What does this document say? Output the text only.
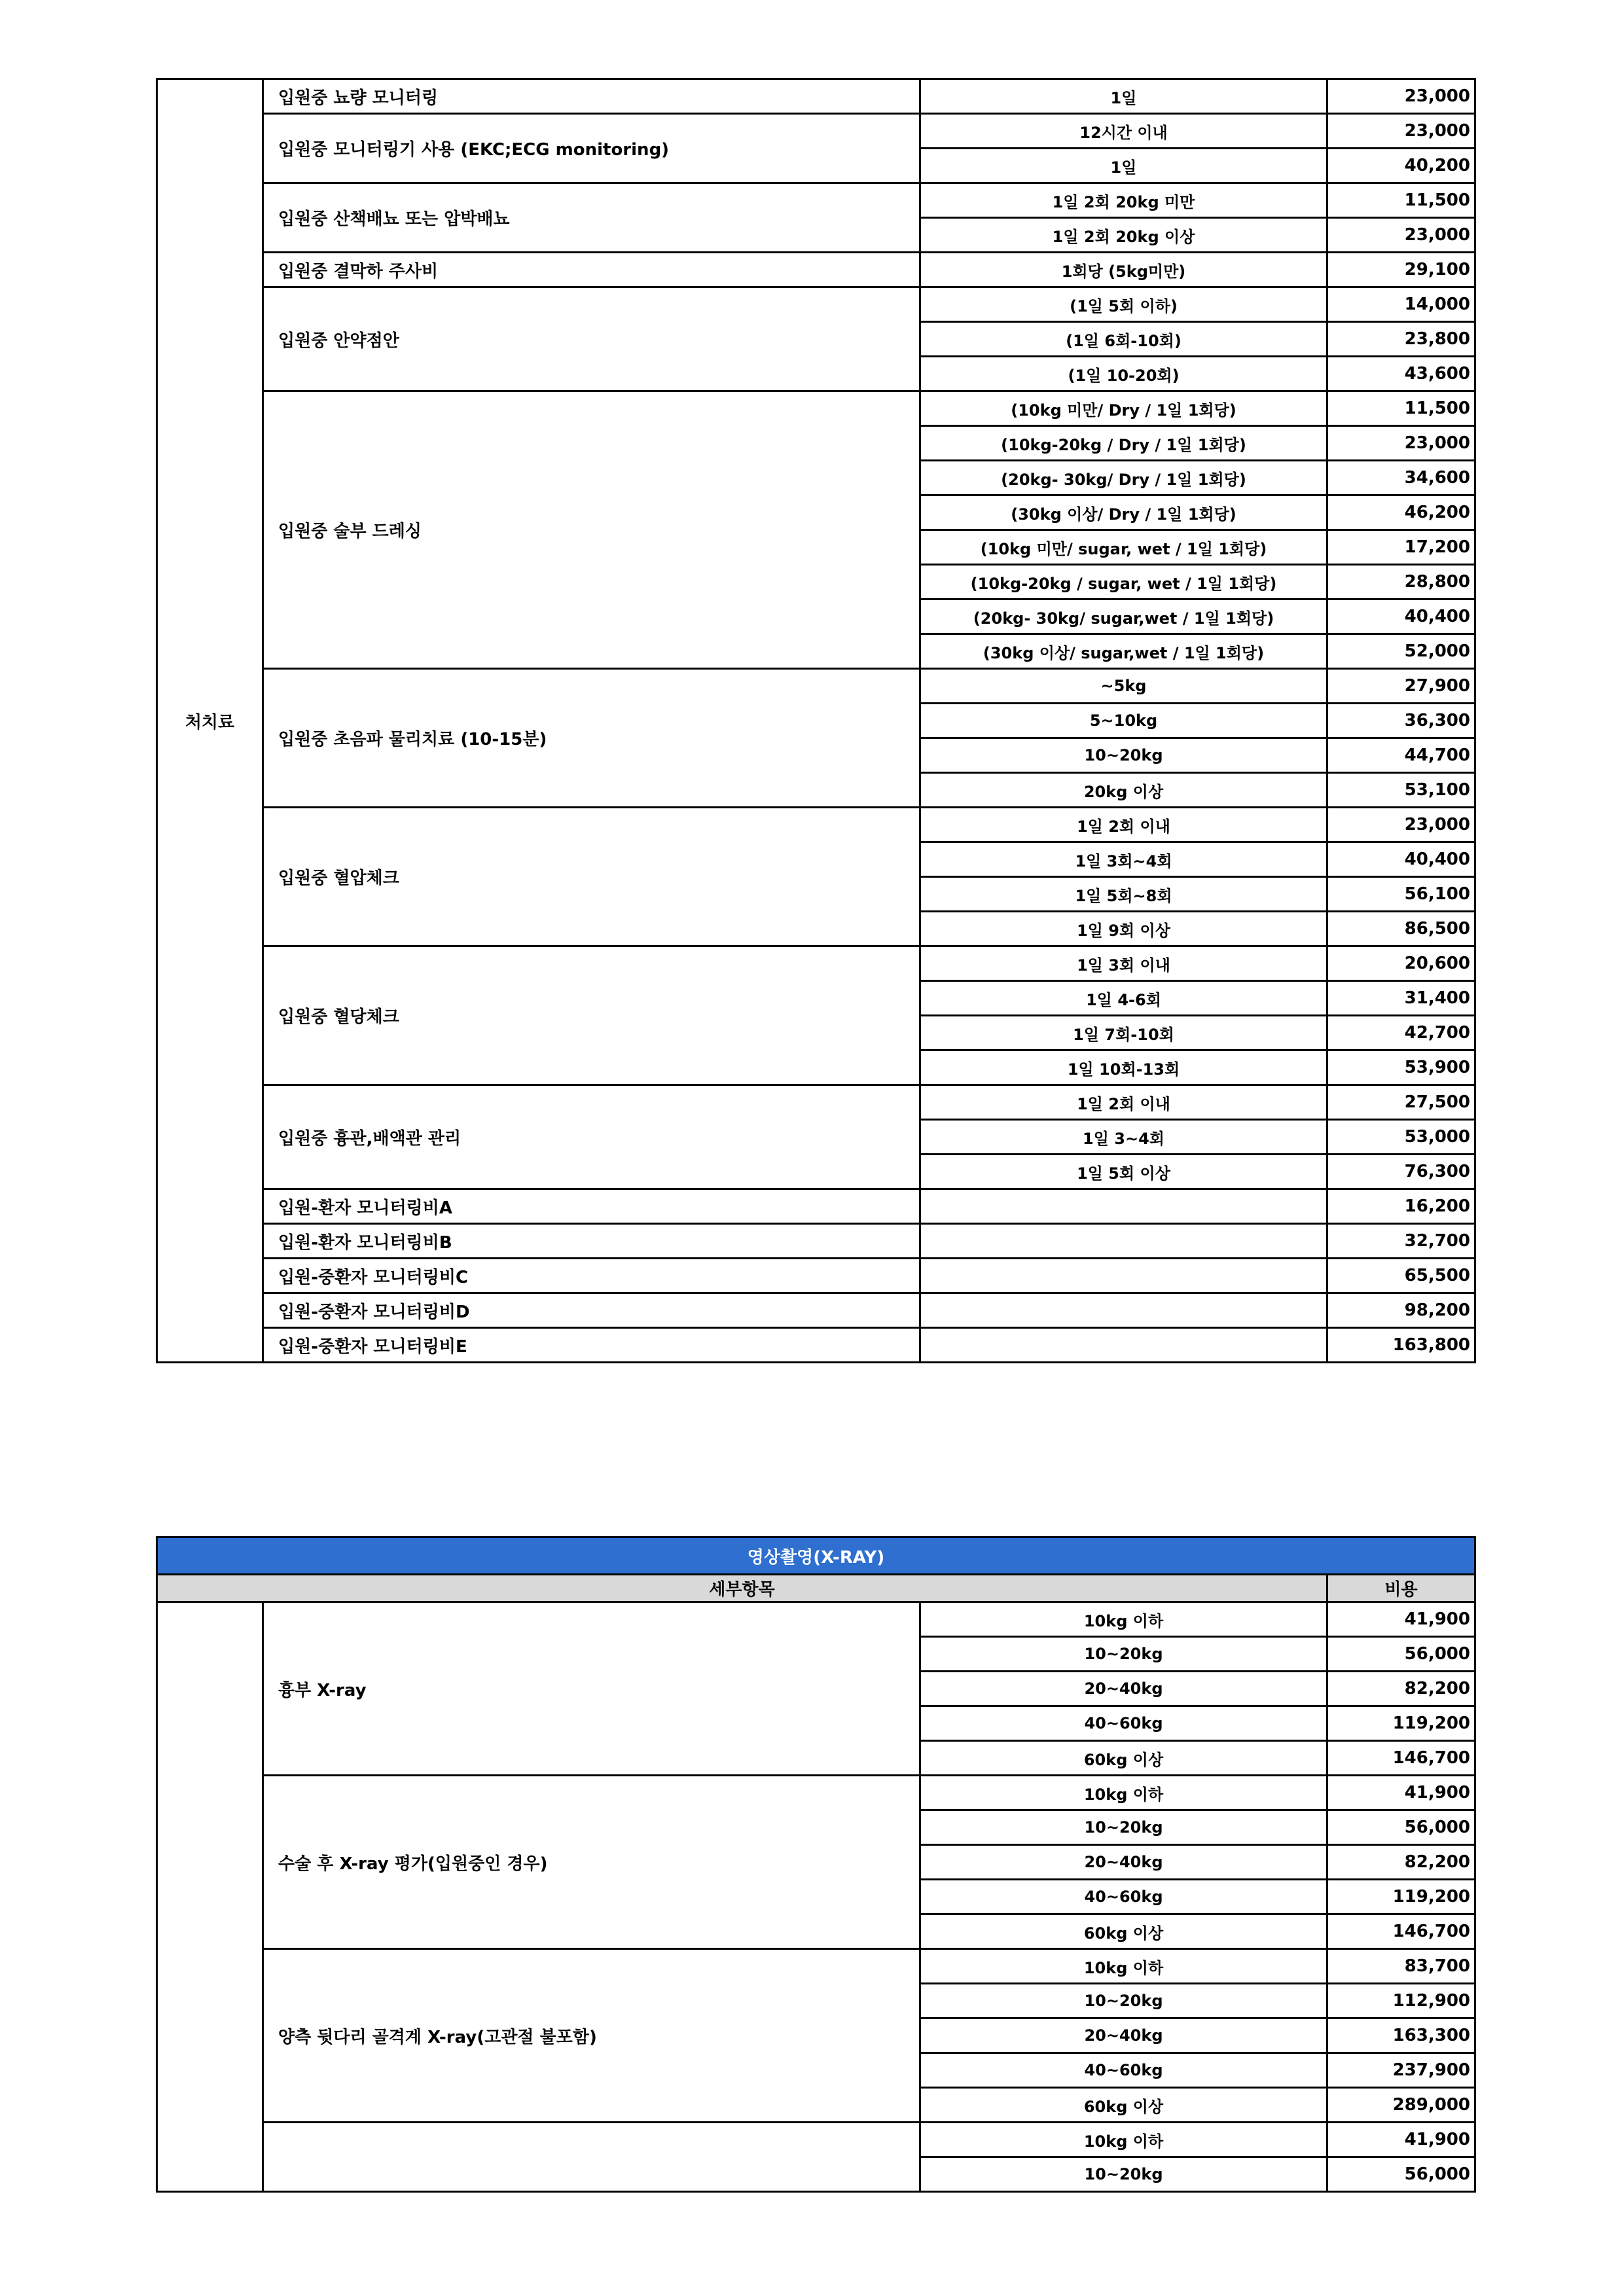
처치료	입원중 뇨량 모니터링	1일	23,000
	입원중 모니터링기 사용 (EKC;ECG monitoring)	12시간 이내	23,000
		1일	40,200
	입원중 산책배뇨 또는 압박배뇨	1일 2회 20kg 미만	11,500
		1일 2회 20kg 이상	23,000
	입원중 결막하 주사비	1회당 (5kg미만)	29,100
	입원중 안약점안	(1일 5회 이하)	14,000
		(1일 6회-10회)	23,800
		(1일 10-20회)	43,600
	입원중 술부 드레싱	(10kg 미만/ Dry / 1일 1회당)	11,500
		(10kg-20kg / Dry / 1일 1회당)	23,000
		(20kg- 30kg/ Dry / 1일 1회당)	34,600
		(30kg 이상/ Dry / 1일 1회당)	46,200
		(10kg 미만/ sugar, wet / 1일 1회당)	17,200
		(10kg-20kg / sugar, wet / 1일 1회당)	28,800
		(20kg- 30kg/ sugar,wet / 1일 1회당)	40,400
		(30kg 이상/ sugar,wet / 1일 1회당)	52,000
	입원중 초음파 물리치료 (10-15분)	~5kg	27,900
		5~10kg	36,300
		10~20kg	44,700
		20kg 이상	53,100
	입원중 혈압체크	1일 2회 이내	23,000
		1일 3회~4회	40,400
		1일 5회~8회	56,100
		1일 9회 이상	86,500
	입원중 혈당체크	1일 3회 이내	20,600
		1일 4-6회	31,400
		1일 7회-10회	42,700
		1일 10회-13회	53,900
	입원중 흉관,배액관 관리	1일 2회 이내	27,500
		1일 3~4회	53,000
		1일 5회 이상	76,300
	입원-환자 모니터링비A		16,200
	입원-환자 모니터링비B		32,700
	입원-중환자 모니터링비C		65,500
	입원-중환자 모니터링비D		98,200
	입원-중환자 모니터링비E		163,800
영상촬영(X-RAY)			
세부항목			비용
	흉부 X-ray	10kg 이하	41,900
		10~20kg	56,000
		20~40kg	82,200
		40~60kg	119,200
		60kg 이상	146,700
	수술 후 X-ray 평가(입원중인 경우)	10kg 이하	41,900
		10~20kg	56,000
		20~40kg	82,200
		40~60kg	119,200
		60kg 이상	146,700
	양측 뒷다리 골격계 X-ray(고관절 불포함)	10kg 이하	83,700
		10~20kg	112,900
		20~40kg	163,300
		40~60kg	237,900
		60kg 이상	289,000
		10kg 이하	41,900
		10~20kg	56,000
